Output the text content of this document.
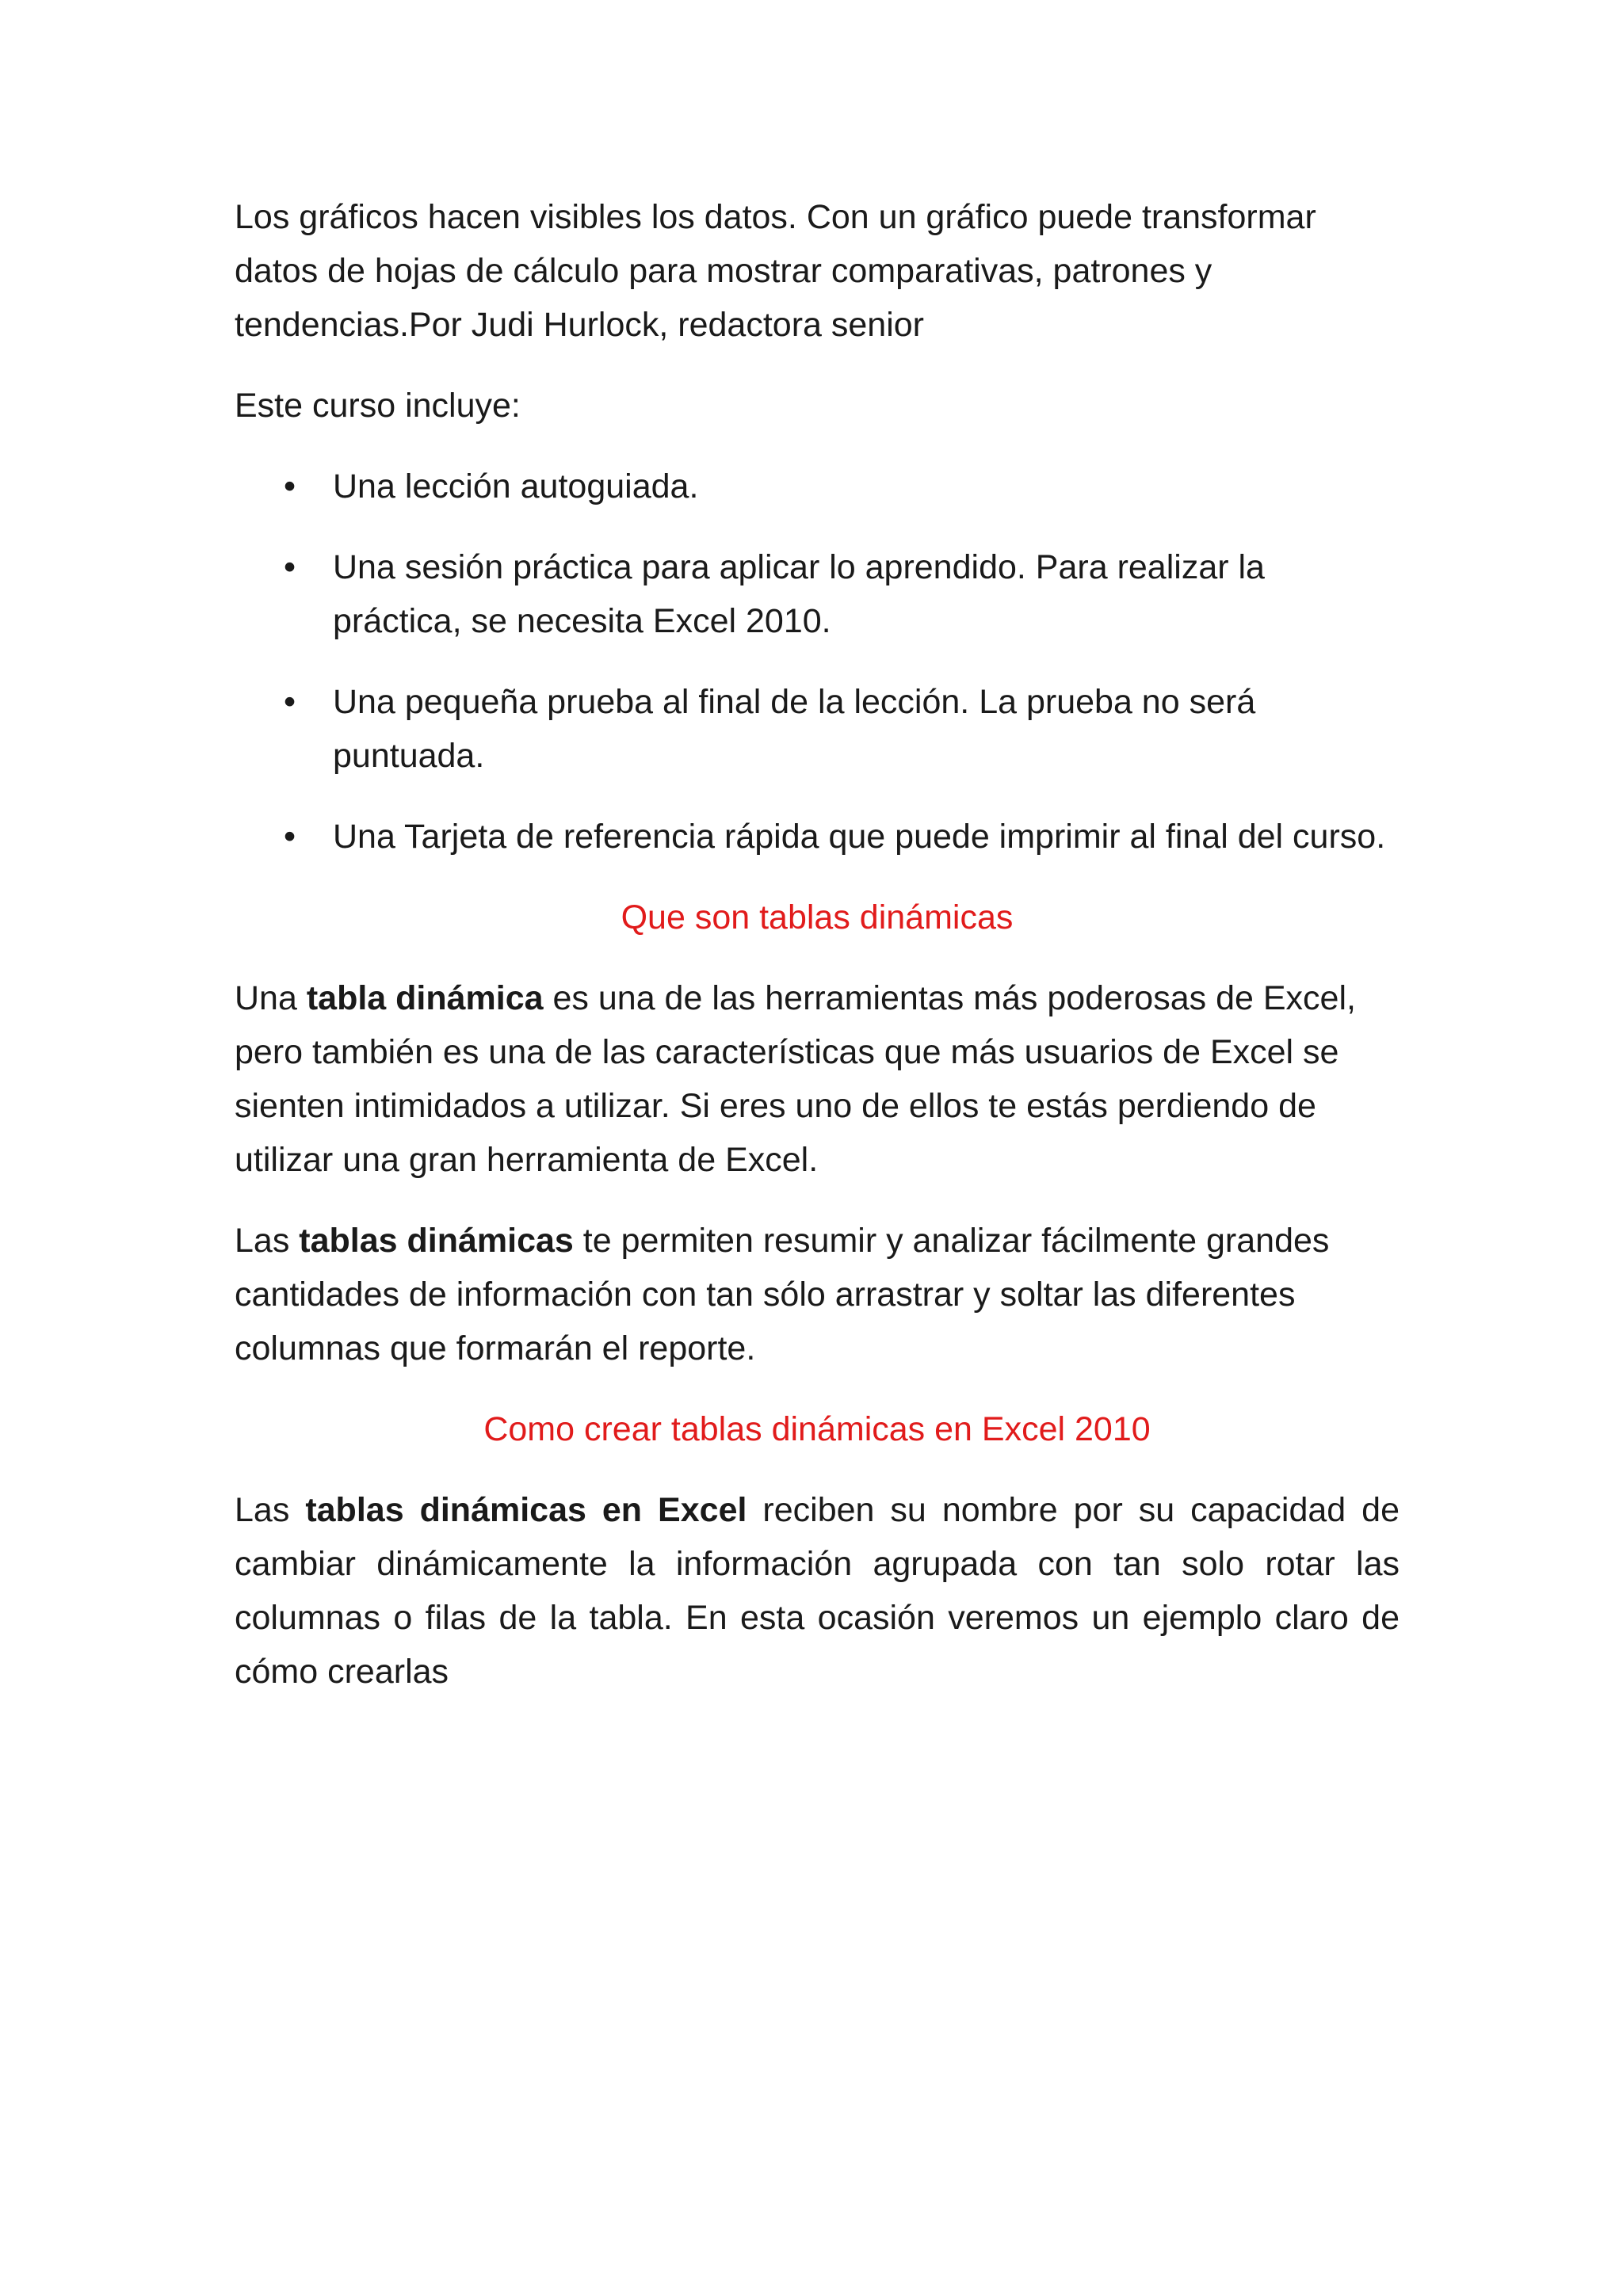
Los gráficos hacen visibles los datos. Con un gráfico puede transformar datos de hojas de cálculo para mostrar comparativas, patrones y tendencias.Por Judi Hurlock, redactora senior

Este curso incluye:

• Una lección autoguiada.
• Una sesión práctica para aplicar lo aprendido. Para realizar la práctica, se necesita Excel 2010.
• Una pequeña prueba al final de la lección. La prueba no será puntuada.
• Una Tarjeta de referencia rápida que puede imprimir al final del curso.

Que son tablas dinámicas

Una tabla dinámica es una de las herramientas más poderosas de Excel, pero también es una de las características que más usuarios de Excel se sienten intimidados a utilizar. Si eres uno de ellos te estás perdiendo de utilizar una gran herramienta de Excel.

Las tablas dinámicas te permiten resumir y analizar fácilmente grandes cantidades de información con tan sólo arrastrar y soltar las diferentes columnas que formarán el reporte.

Como crear tablas dinámicas en Excel 2010

Las tablas dinámicas en Excel reciben su nombre por su capacidad de cambiar dinámicamente la información agrupada con tan solo rotar las columnas o filas de la tabla. En esta ocasión veremos un ejemplo claro de cómo crearlas
